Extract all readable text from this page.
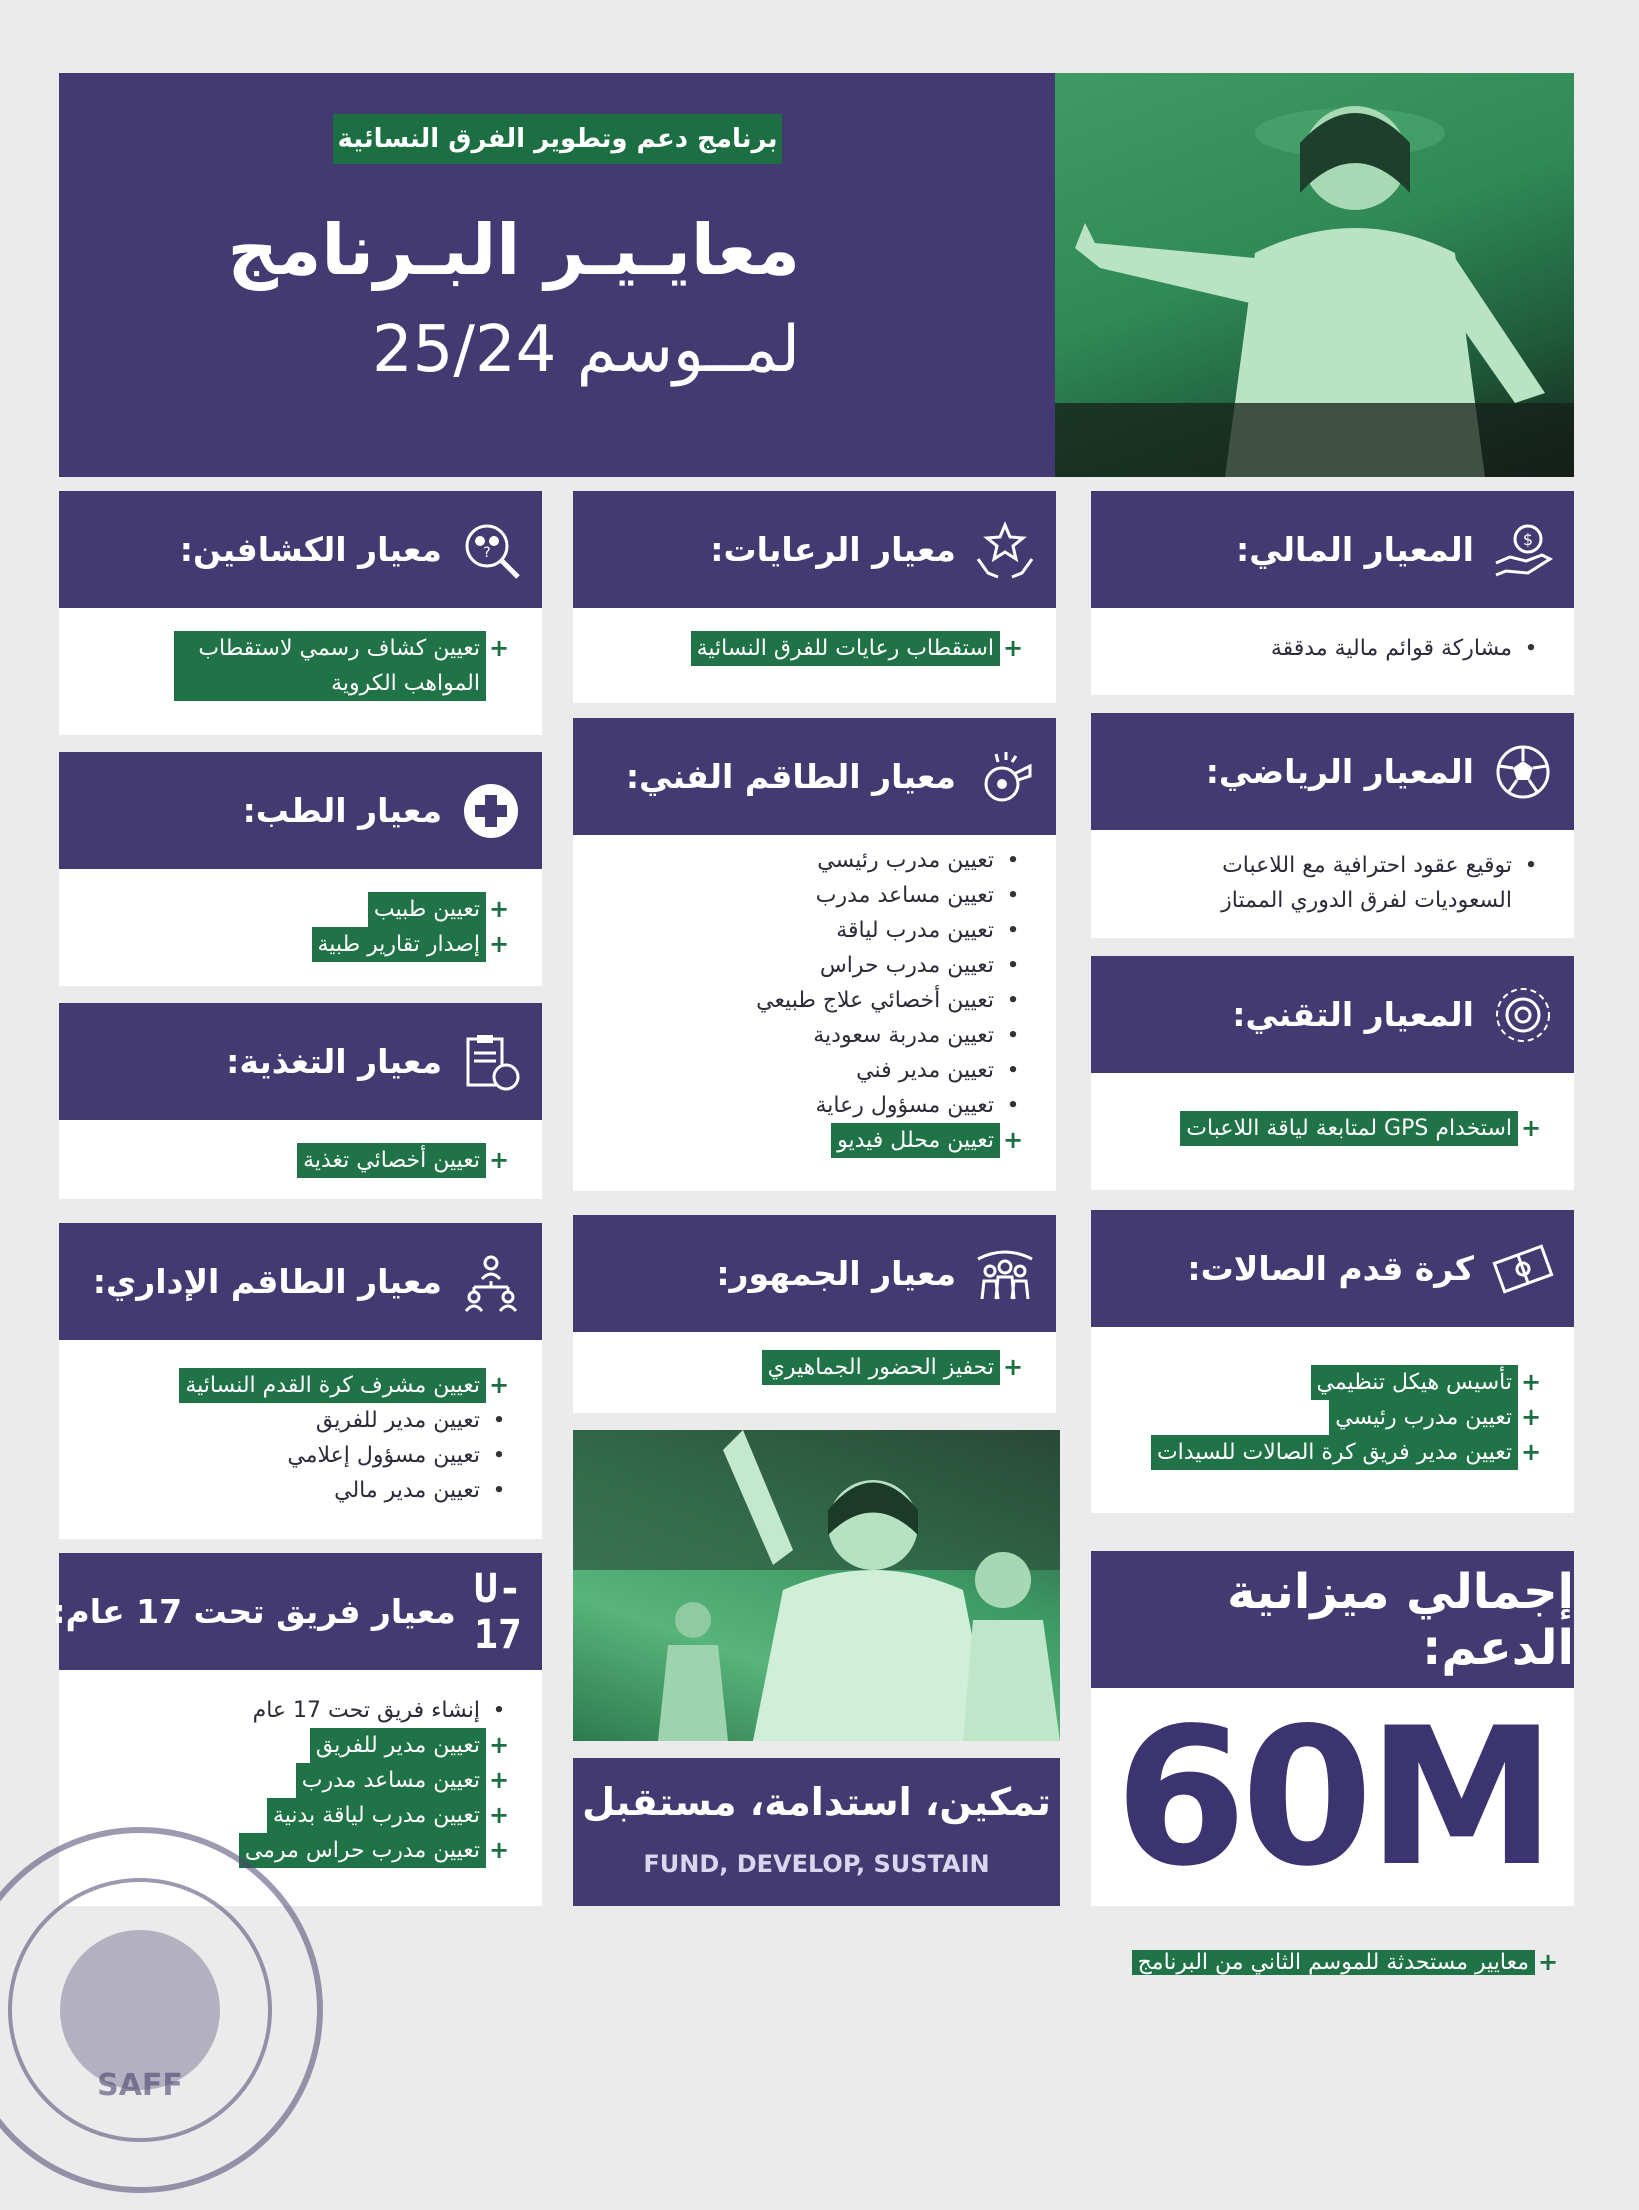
برنامج دعم وتطوير الفرق النسائية
معايـيـر البـرنامج
لمــوسم 25/24
$
المعيار المالي:
•
مشاركة قوائم مالية مدققة
معيار الرعايات:
+
استقطاب رعايات للفرق النسائية
?
معيار الكشافين:
+
تعيين كشاف رسمي لاستقطاب المواهب الكروية
المعيار الرياضي:
•
توقيع عقود احترافية مع اللاعبات السعوديات لفرق الدوري الممتاز
معيار الطاقم الفني:
•
تعيين مدرب رئيسي
•
تعيين مساعد مدرب
•
تعيين مدرب لياقة
•
تعيين مدرب حراس
•
تعيين أخصائي علاج طبيعي
•
تعيين مدربة سعودية
•
تعيين مدير فني
•
تعيين مسؤول رعاية
+
تعيين محلل فيديو
معيار الطب:
+
تعيين طبيب
+
إصدار تقارير طبية
المعيار التقني:
+
استخدام GPS لمتابعة لياقة اللاعبات
معيار التغذية:
+
تعيين أخصائي تغذية
كرة قدم الصالات:
+
تأسيس هيكل تنظيمي
+
تعيين مدرب رئيسي
+
تعيين مدير فريق كرة الصالات للسيدات
معيار الجمهور:
+
تحفيز الحضور الجماهيري
معيار الطاقم الإداري:
+
تعيين مشرف كرة القدم النسائية
•
تعيين مدير للفريق
•
تعيين مسؤول إعلامي
•
تعيين مدير مالي
تمكين، استدامة، مستقبل
FUND, DEVELOP, SUSTAIN
U-17
معيار فريق تحت 17 عام:
•
إنشاء فريق تحت 17 عام
+
تعيين مدير للفريق
+
تعيين مساعد مدرب
+
تعيين مدرب لياقة بدنية
+
تعيين مدرب حراس مرمى
إجمالي ميزانية الدعم:
60M
+
معايير مستحدثة للموسم الثاني من البرنامج
SAFF
